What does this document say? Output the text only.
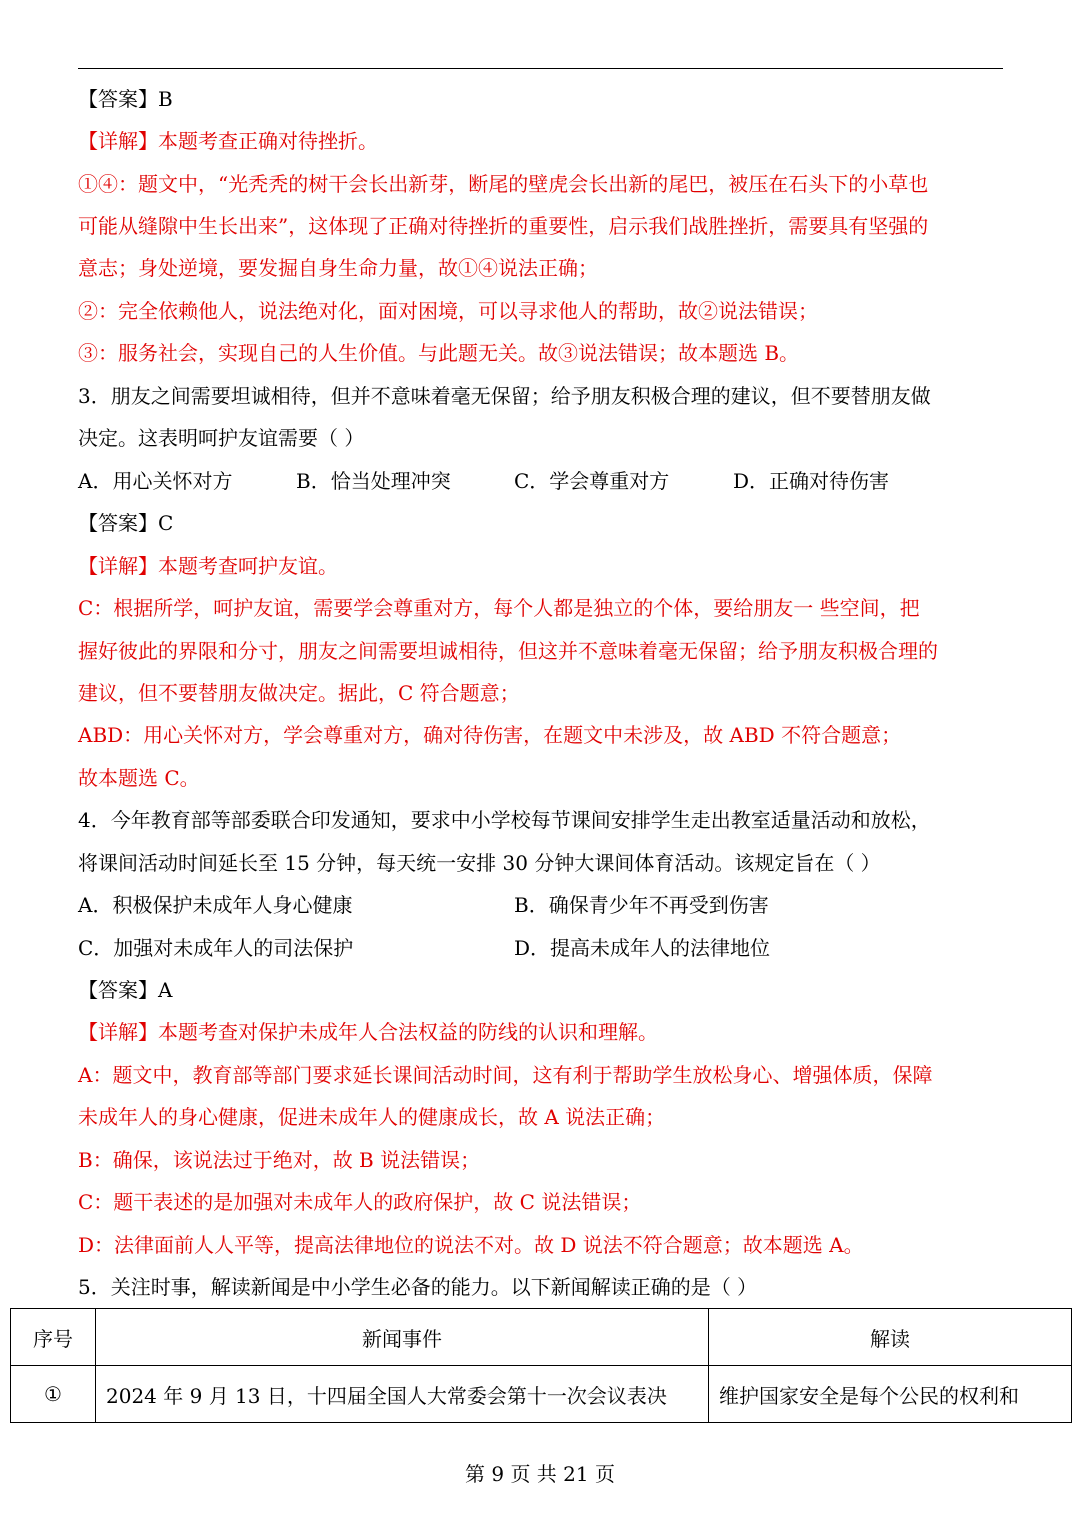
【答案】B
【详解】本题考查正确对待挫折。
①④：题文中，“光秃秃的树干会长出新芽，断尾的壁虎会长出新的尾巴，被压在石头下的小草也
可能从缝隙中生长出来”，这体现了正确对待挫折的重要性，启示我们战胜挫折，需要具有坚强的
意志；身处逆境，要发掘自身生命力量，故①④说法正确；
②：完全依赖他人，说法绝对化，面对困境，可以寻求他人的帮助，故②说法错误；
③：服务社会，实现自己的人生价值。与此题无关。故③说法错误；故本题选 B。
3．朋友之间需要坦诚相待，但并不意味着毫无保留；给予朋友积极合理的建议，但不要替朋友做
决定。这表明呵护友谊需要（ ）
A．用心关怀对方	B．恰当处理冲突	C．学会尊重对方	D．正确对待伤害
【答案】C
【详解】本题考查呵护友谊。
C：根据所学，呵护友谊，需要学会尊重对方，每个人都是独立的个体，要给朋友一 些空间，把
握好彼此的界限和分寸，朋友之间需要坦诚相待，但这并不意味着毫无保留；给予朋友积极合理的
建议，但不要替朋友做决定。据此，C 符合题意；
ABD：用心关怀对方，学会尊重对方，确对待伤害，在题文中未涉及，故 ABD 不符合题意；
故本题选 C。
4．今年教育部等部委联合印发通知，要求中小学校每节课间安排学生走出教室适量活动和放松，
将课间活动时间延长至 15 分钟，每天统一安排 30 分钟大课间体育活动。该规定旨在（ ）
A．积极保护未成年人身心健康	B．确保青少年不再受到伤害
C．加强对未成年人的司法保护	D．提高未成年人的法律地位
【答案】A
【详解】本题考查对保护未成年人合法权益的防线的认识和理解。
A：题文中，教育部等部门要求延长课间活动时间，这有利于帮助学生放松身心、增强体质，保障
未成年人的身心健康，促进未成年人的健康成长，故 A 说法正确；
B：确保，该说法过于绝对，故 B 说法错误；
C：题干表述的是加强对未成年人的政府保护，故 C 说法错误；
D：法律面前人人平等，提高法律地位的说法不对。故 D 说法不符合题意；故本题选 A。
5．关注时事，解读新闻是中小学生必备的能力。以下新闻解读正确的是（ ）
序号	新闻事件	解读
①	2024 年 9 月 13 日，十四届全国人大常委会第十一次会议表决	维护国家安全是每个公民的权利和
第 9 页 共 21 页
